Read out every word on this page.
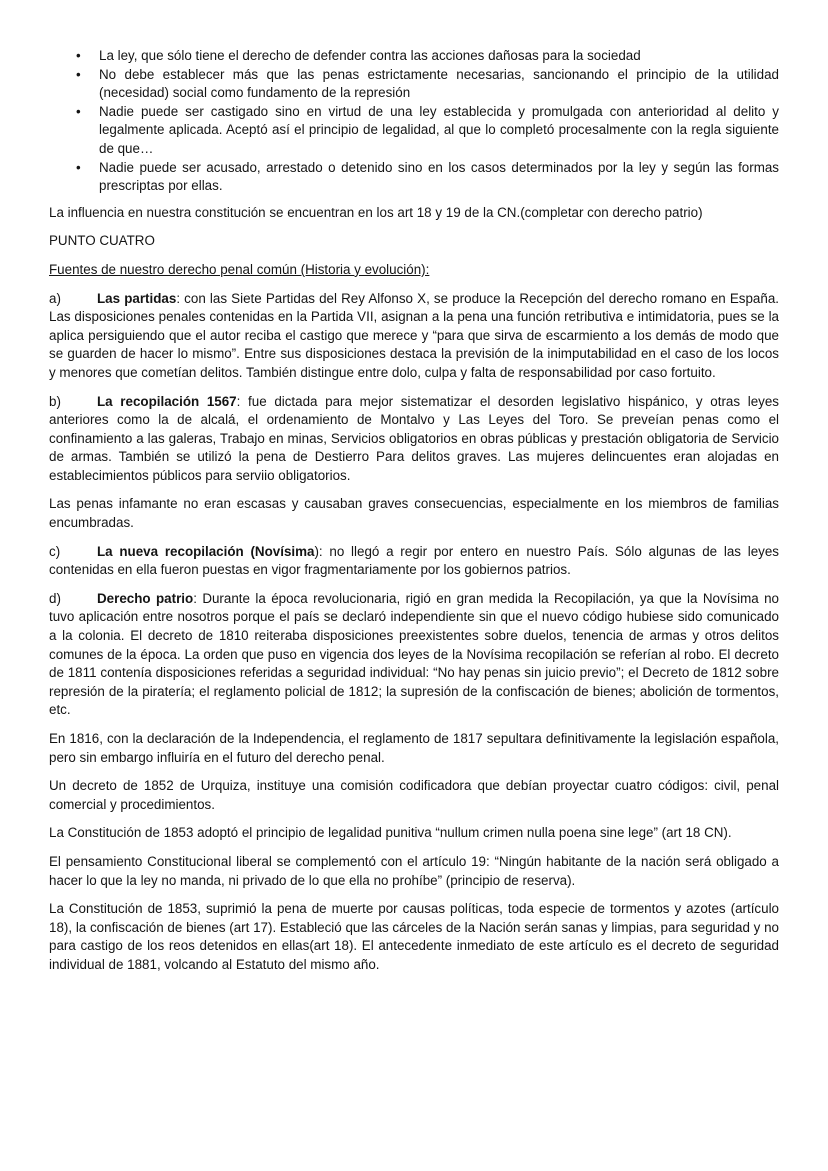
• La ley, que sólo tiene el derecho de defender contra las acciones dañosas para la sociedad
• No debe establecer más que las penas estrictamente necesarias, sancionando el principio de la utilidad (necesidad) social como fundamento de la represión
• Nadie puede ser castigado sino en virtud de una ley establecida y promulgada con anterioridad al delito y legalmente aplicada. Aceptó así el principio de legalidad, al que lo completó procesalmente con la regla siguiente de que…
• Nadie puede ser acusado, arrestado o detenido sino en los casos determinados por la ley y según las formas prescriptas por ellas.

La influencia en nuestra constitución se encuentran en los art 18 y 19 de la CN.(completar con derecho patrio)

PUNTO CUATRO

Fuentes de nuestro derecho penal común (Historia y evolución):

a)	Las partidas: con las Siete Partidas del Rey Alfonso X, se produce la Recepción del derecho romano en España. Las disposiciones penales contenidas en la Partida VII, asignan a la pena una función retributiva e intimidatoria, pues se la aplica persiguiendo que el autor reciba el castigo que merece y “para que sirva de escarmiento a los demás de modo que se guarden de hacer lo mismo”. Entre sus disposiciones destaca la previsión de la inimputabilidad en el caso de los locos y menores que cometían delitos. También distingue entre dolo, culpa y falta de responsabilidad por caso fortuito.

b)	La recopilación 1567: fue dictada para mejor sistematizar el desorden legislativo hispánico, y otras leyes anteriores como la de alcalá, el ordenamiento de Montalvo y Las Leyes del Toro. Se preveían penas como el confinamiento a las galeras, Trabajo en minas, Servicios obligatorios en obras públicas y prestación obligatoria de Servicio de armas. También se utilizó la pena de Destierro Para delitos graves. Las mujeres delincuentes eran alojadas en establecimientos públicos para serviio obligatorios.

Las penas infamante no eran escasas y causaban graves consecuencias, especialmente en los miembros de familias encumbradas.

c)	La nueva recopilación (Novísima): no llegó a regir por entero en nuestro País. Sólo algunas de las leyes contenidas en ella fueron puestas en vigor fragmentariamente por los gobiernos patrios.

d)	Derecho patrio: Durante la época revolucionaria, rigió en gran medida la Recopilación, ya que la Novísima no tuvo aplicación entre nosotros porque el país se declaró independiente sin que el nuevo código hubiese sido comunicado a la colonia. El decreto de 1810 reiteraba disposiciones preexistentes sobre duelos, tenencia de armas y otros delitos comunes de la época. La orden que puso en vigencia dos leyes de la Novísima recopilación se referían al robo. El decreto de 1811 contenía disposiciones referidas a seguridad individual: “No hay penas sin juicio previo”; el Decreto de 1812 sobre represión de la piratería; el reglamento policial de 1812; la supresión de la confiscación de bienes; abolición de tormentos, etc.

En 1816, con la declaración de la Independencia, el reglamento de 1817 sepultara definitivamente la legislación española, pero sin embargo influiría en el futuro del derecho penal.

Un decreto de 1852 de Urquiza, instituye una comisión codificadora que debían proyectar cuatro códigos: civil, penal comercial y procedimientos.

La Constitución de 1853 adoptó el principio de legalidad punitiva “nullum crimen nulla poena sine lege” (art 18 CN).

El pensamiento Constitucional liberal se complementó con el artículo 19: “Ningún habitante de la nación será obligado a hacer lo que la ley no manda, ni privado de lo que ella no prohíbe” (principio de reserva).

La Constitución de 1853, suprimió la pena de muerte por causas políticas, toda especie de tormentos y azotes (artículo 18), la confiscación de bienes (art 17). Estableció que las cárceles de la Nación serán sanas y limpias, para seguridad y no para castigo de los reos detenidos en ellas(art 18). El antecedente inmediato de este artículo es el decreto de seguridad individual de 1881, volcando al Estatuto del mismo año.
